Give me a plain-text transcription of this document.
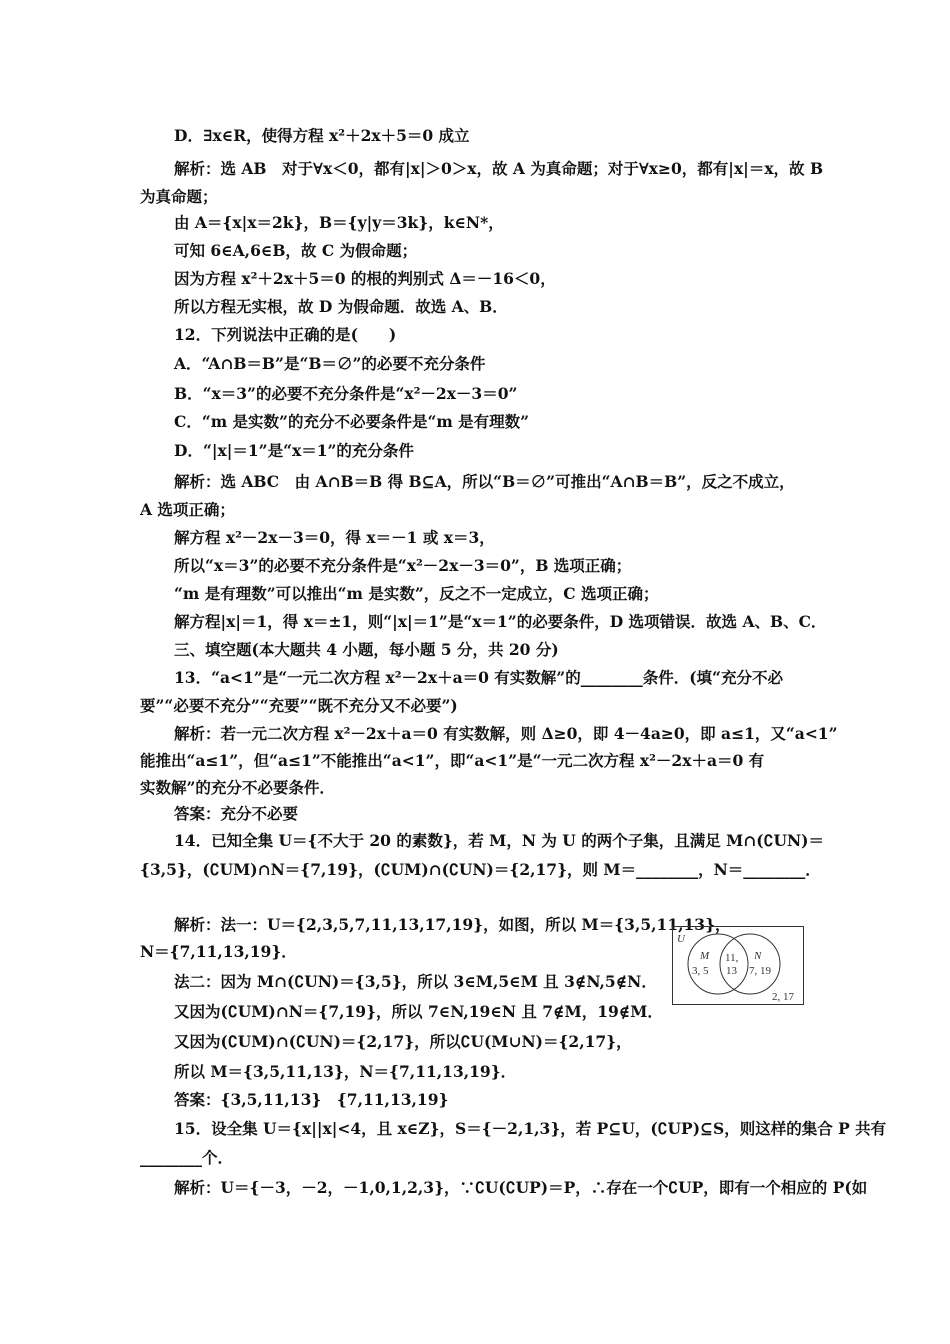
D．∃x∈R，使得方程 x²＋2x＋5＝0 成立
解析：选 AB　对于∀x＜0，都有|x|＞0＞x，故 A 为真命题；对于∀x≥0，都有|x|＝x，故 B
为真命题；
由 A＝{x|x＝2k}，B＝{y|y＝3k}，k∈N*，
可知 6∈A,6∈B，故 C 为假命题；
因为方程 x²＋2x＋5＝0 的根的判别式 Δ＝－16＜0，
所以方程无实根，故 D 为假命题．故选 A、B．
12．下列说法中正确的是(　　)
A．“A∩B＝B”是“B＝∅”的必要不充分条件
B．“x＝3”的必要不充分条件是“x²－2x－3＝0”
C．“m 是实数”的充分不必要条件是“m 是有理数”
D．“|x|＝1”是“x＝1”的充分条件
解析：选 ABC　由 A∩B＝B 得 B⊆A，所以“B＝∅”可推出“A∩B＝B”，反之不成立，
A 选项正确；
解方程 x²－2x－3＝0，得 x＝－1 或 x＝3，
所以“x＝3”的必要不充分条件是“x²－2x－3＝0”，B 选项正确；
“m 是有理数”可以推出“m 是实数”，反之不一定成立，C 选项正确；
解方程|x|＝1，得 x＝±1，则“|x|＝1”是“x＝1”的必要条件，D 选项错误．故选 A、B、C．
三、填空题(本大题共 4 小题，每小题 5 分，共 20 分)
13．“a<1”是“一元二次方程 x²－2x＋a＝0 有实数解”的________条件．(填“充分不必
要”“必要不充分”“充要”“既不充分又不必要”)
解析：若一元二次方程 x²－2x＋a＝0 有实数解，则 Δ≥0，即 4－4a≥0，即 a≤1，又“a<1”
能推出“a≤1”，但“a≤1”不能推出“a<1”，即“a<1”是“一元二次方程 x²－2x＋a＝0 有
实数解”的充分不必要条件．
答案：充分不必要
14．已知全集 U＝{不大于 20 的素数}，若 M，N 为 U 的两个子集，且满足 M∩(∁UN)＝
{3,5}，(∁UM)∩N＝{7,19}，(∁UM)∩(∁UN)＝{2,17}，则 M＝________，N＝________．
解析：法一：U＝{2,3,5,7,11,13,17,19}，如图，所以 M＝{3,5,11,13}，
N＝{7,11,13,19}．
法二：因为 M∩(∁UN)＝{3,5}，所以 3∈M,5∈M 且 3∉N,5∉N．
又因为(∁UM)∩N＝{7,19}，所以 7∈N,19∈N 且 7∉M，19∉M．
又因为(∁UM)∩(∁UN)＝{2,17}，所以∁U(M∪N)＝{2,17}，
所以 M＝{3,5,11,13}，N＝{7,11,13,19}．
答案：{3,5,11,13}　{7,11,13,19}
15．设全集 U＝{x||x|<4，且 x∈Z}，S＝{－2,1,3}，若 P⊆U，(∁UP)⊆S，则这样的集合 P 共有
________个．
解析：U＝{－3，－2，－1,0,1,2,3}，∵∁U(∁UP)＝P，∴存在一个∁UP，即有一个相应的 P(如
U
M	N
3, 5
11,
13 7, 19
2, 17
